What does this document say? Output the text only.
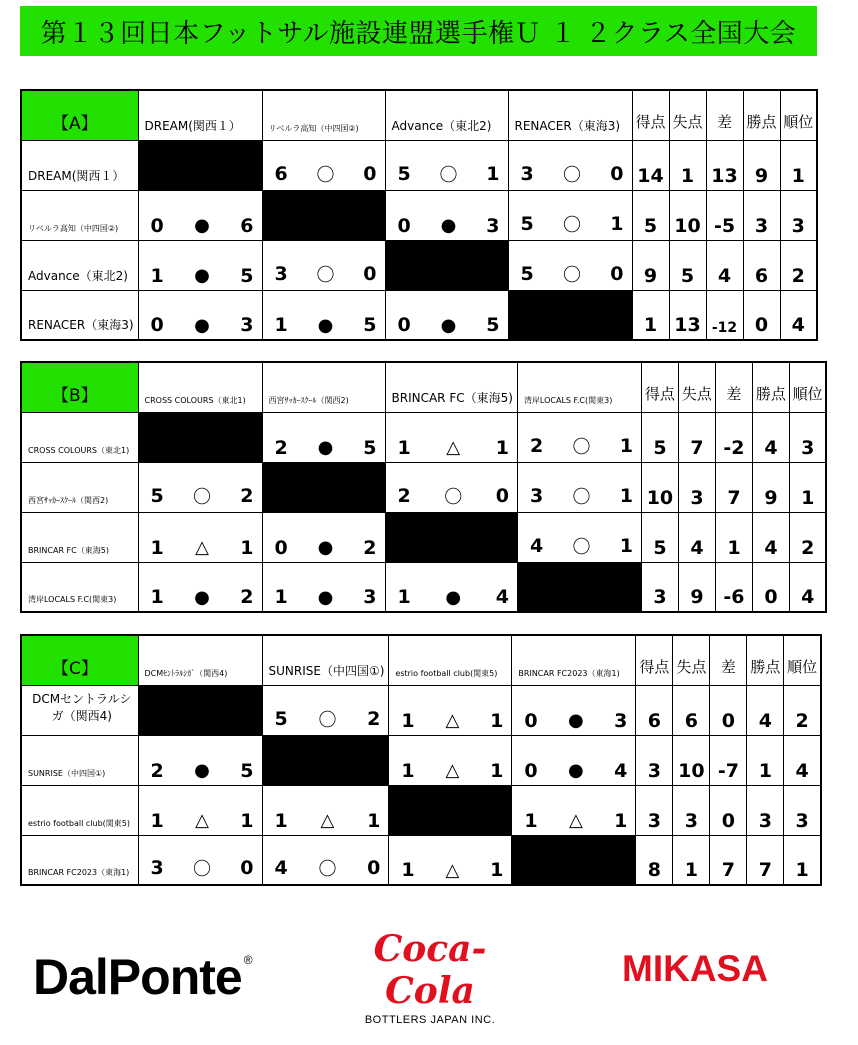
第１３回日本フットサル施設連盟選手権Ｕ １ ２クラス全国大会
【A】	DREAM(関西１）	リベルラ高知（中四国②)	Advance（東北2)	RENACER（東海3)	得点	失点	差	勝点	順位
DREAM(関西１）		6 〇 0	5 〇 1	3 〇 0	14	1	13	9	1
リベルラ高知（中四国②)	0 ● 6		0 ● 3	5 〇 1	5	10	-5	3	3
Advance（東北2)	1 ● 5	3 〇 0		5 〇 0	9	5	4	6	2
RENACER（東海3)	0 ● 3	1 ● 5	0 ● 5		1	13	-12	0	4
【B】	CROSS COLOURS（東北1)	西宮ｻｯｶｰｽｸｰﾙ（関西2)	BRINCAR FC（東海5)	湾岸LOCALS F.C(関東3)	得点	失点	差	勝点	順位
CROSS COLOURS（東北1)		2 ● 5	1 △ 1	2 〇 1	5	7	-2	4	3
西宮ｻｯｶｰｽｸｰﾙ（関西2)	5 〇 2		2 〇 0	3 〇 1	10	3	7	9	1
BRINCAR FC（東海5)	1 △ 1	0 ● 2		4 〇 1	5	4	1	4	2
湾岸LOCALS F.C(関東3)	1 ● 2	1 ● 3	1 ● 4		3	9	-6	0	4
【C】	DCMｾﾝﾄﾗﾙｼｶﾞ（関西4)	SUNRISE（中四国①)	estrio football club(関東5)	BRINCAR FC2023（東海1)	得点	失点	差	勝点	順位
DCMセントラルシガ（関西4)		5 〇 2	1 △ 1	0 ● 3	6	6	0	4	2
SUNRISE（中四国①)	2 ● 5		1 △ 1	0 ● 4	3	10	-7	1	4
estrio football club(関東5)	1 △ 1	1 △ 1		1 △ 1	3	3	0	3	3
BRINCAR FC2023（東海1)	3 〇 0	4 〇 0	1 △ 1		8	1	7	7	1
DalPonte ®	Coca-Cola
BOTTLERS JAPAN INC.
MIKASA
